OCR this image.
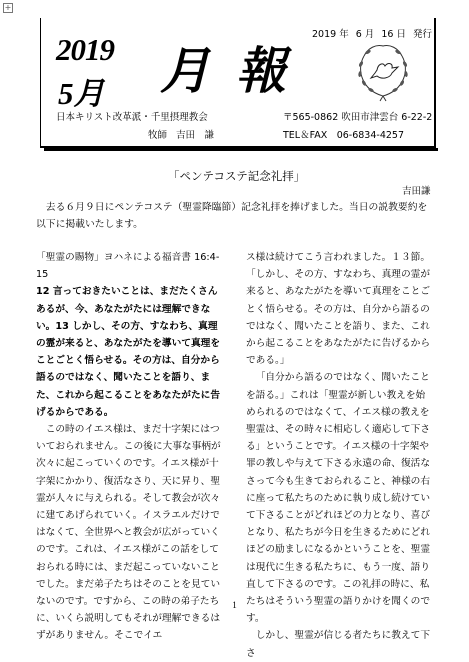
+
2019
5月 月 報
2019 年 6 月 16 日 発行
日本キリスト改革派・千里摂理教会
牧師 吉田　謙
〒565-0862 吹田市津雲台 6-22-2
TEL＆FAX　06-6834-4257
「ペンテコステ記念礼拝」
吉田謙
去る６月９日にペンテコステ（聖霊降臨節）記念礼拝を捧げました。当日の説教要約を以下に掲載いたします。

「聖霊の賜物」ヨハネによる福音書 16:4-15

12 言っておきたいことは、まだたくさんあるが、今、あなたがたには理解できない。13 しかし、その方、すなわち、真理の霊が来ると、あなたがたを導いて真理をことごとく悟らせる。その方は、自分から語るのではなく、聞いたことを語り、また、これから起こることをあなたがたに告げるからである。

この時のイエス様は、まだ十字架にはついておられません。この後に大事な事柄が次々に起こっていくのです。イエス様が十字架にかかり、復活なさり、天に昇り、聖霊が人々に与えられる。そして教会が次々に建てあげられていく。イスラエルだけではなくて、全世界へと教会が広がっていくのです。これは、イエス様がこの話をしておられる時には、まだ起こっていないことでした。まだ弟子たちはそのことを見ていないのです。ですから、この時の弟子たちに、いくら説明してもそれが理解できるはずがありません。そこでイエ

ス様は続けてこう言われました。１３節。「しかし、その方、すなわち、真理の霊が来ると、あなたがたを導いて真理をことごとく悟らせる。その方は、自分から語るのではなく、聞いたことを語り、また、これから起こることをあなたがたに告げるからである。」

「自分から語るのではなく、聞いたことを語る。」これは「聖霊が新しい教えを始められるのではなくて、イエス様の教えを聖霊は、その時々に相応しく適応して下さる」ということです。イエス様の十字架や罪の教しや与えて下さる永遠の命、復活なさって今も生きておられること、神様の右に座って私たちのために執り成し続けていて下さることがどれほどの力となり、喜びとなり、私たちが今日を生きるためにどれほどの励ましになるかということを、聖霊は現代に生きる私たちに、もう一度、語り直して下さるのです。この礼拝の時に、私たちはそういう聖霊の語りかけを聞くのです。

しかし、聖霊が信じる者たちに教えて下さ

1
